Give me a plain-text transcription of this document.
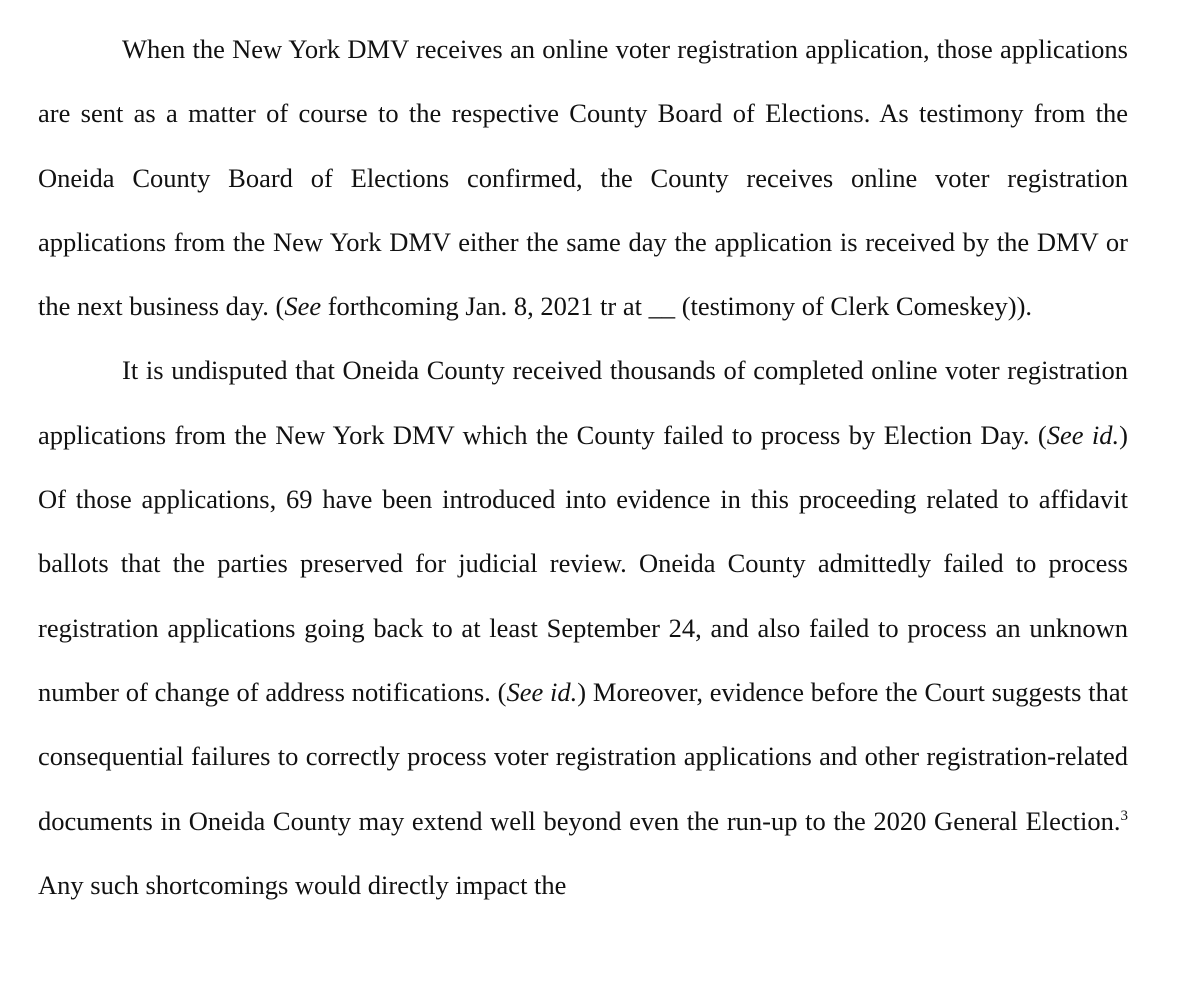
When the New York DMV receives an online voter registration application, those applications are sent as a matter of course to the respective County Board of Elections. As testimony from the Oneida County Board of Elections confirmed, the County receives online voter registration applications from the New York DMV either the same day the application is received by the DMV or the next business day. (See forthcoming Jan. 8, 2021 tr at __ (testimony of Clerk Comeskey)).

It is undisputed that Oneida County received thousands of completed online voter registration applications from the New York DMV which the County failed to process by Election Day. (See id.) Of those applications, 69 have been introduced into evidence in this proceeding related to affidavit ballots that the parties preserved for judicial review. Oneida County admittedly failed to process registration applications going back to at least September 24, and also failed to process an unknown number of change of address notifications. (See id.) Moreover, evidence before the Court suggests that consequential failures to correctly process voter registration applications and other registration-related documents in Oneida County may extend well beyond even the run-up to the 2020 General Election.$^3$ Any such shortcomings would directly impact the
